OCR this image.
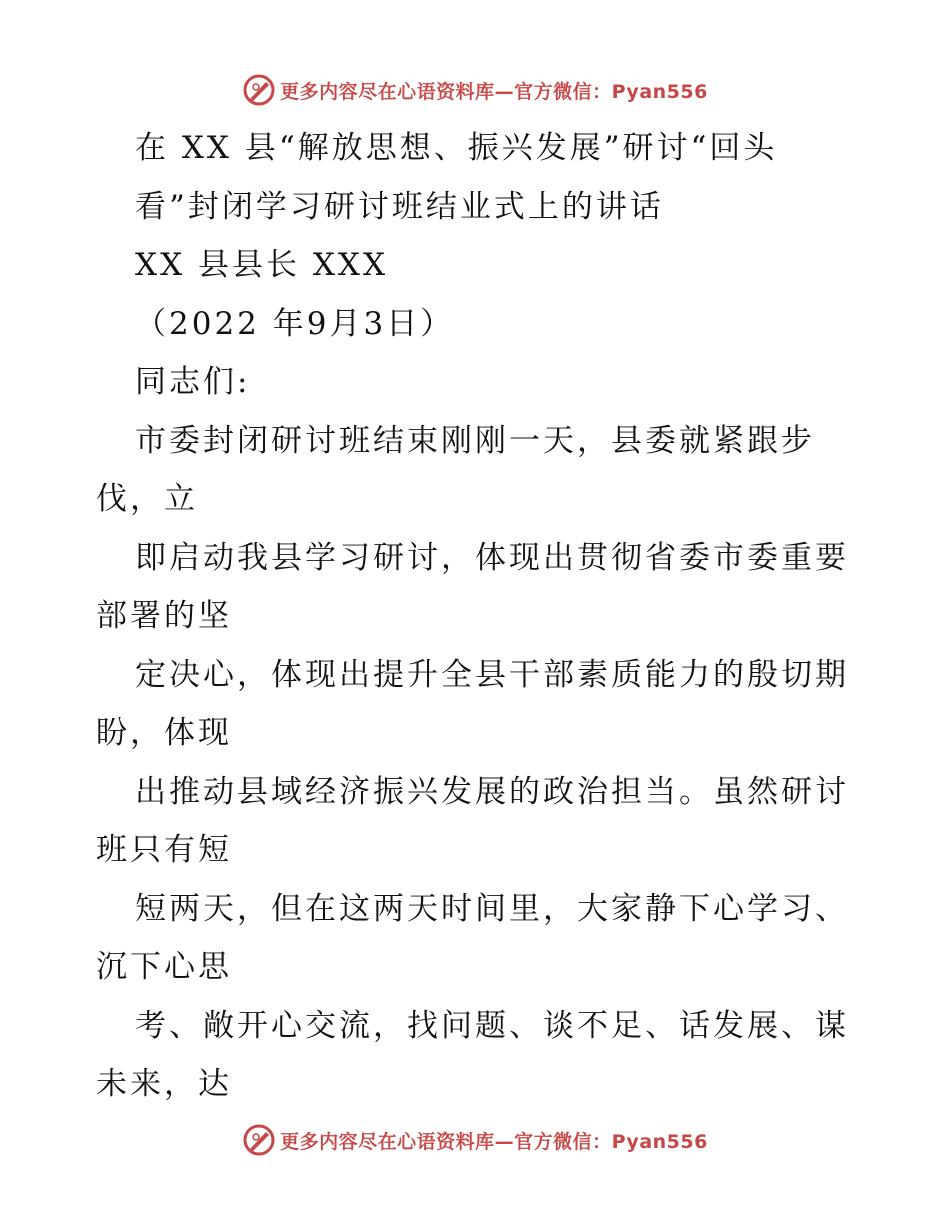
更多内容尽在心语资料库—官方微信：Pyan556
在 XX 县“解放思想、振兴发展”研讨“回头
看”封闭学习研讨班结业式上的讲话
XX 县县长 XXX
（2022 年9月3日）
同志们:
市委封闭研讨班结束刚刚一天，县委就紧跟步
伐，立
即启动我县学习研讨，体现出贯彻省委市委重要
部署的坚
定决心，体现出提升全县干部素质能力的殷切期
盼，体现
出推动县域经济振兴发展的政治担当。虽然研讨
班只有短
短两天，但在这两天时间里，大家静下心学习、
沉下心思
考、敞开心交流，找问题、谈不足、话发展、谋
未来，达
更多内容尽在心语资料库—官方微信：Pyan556
